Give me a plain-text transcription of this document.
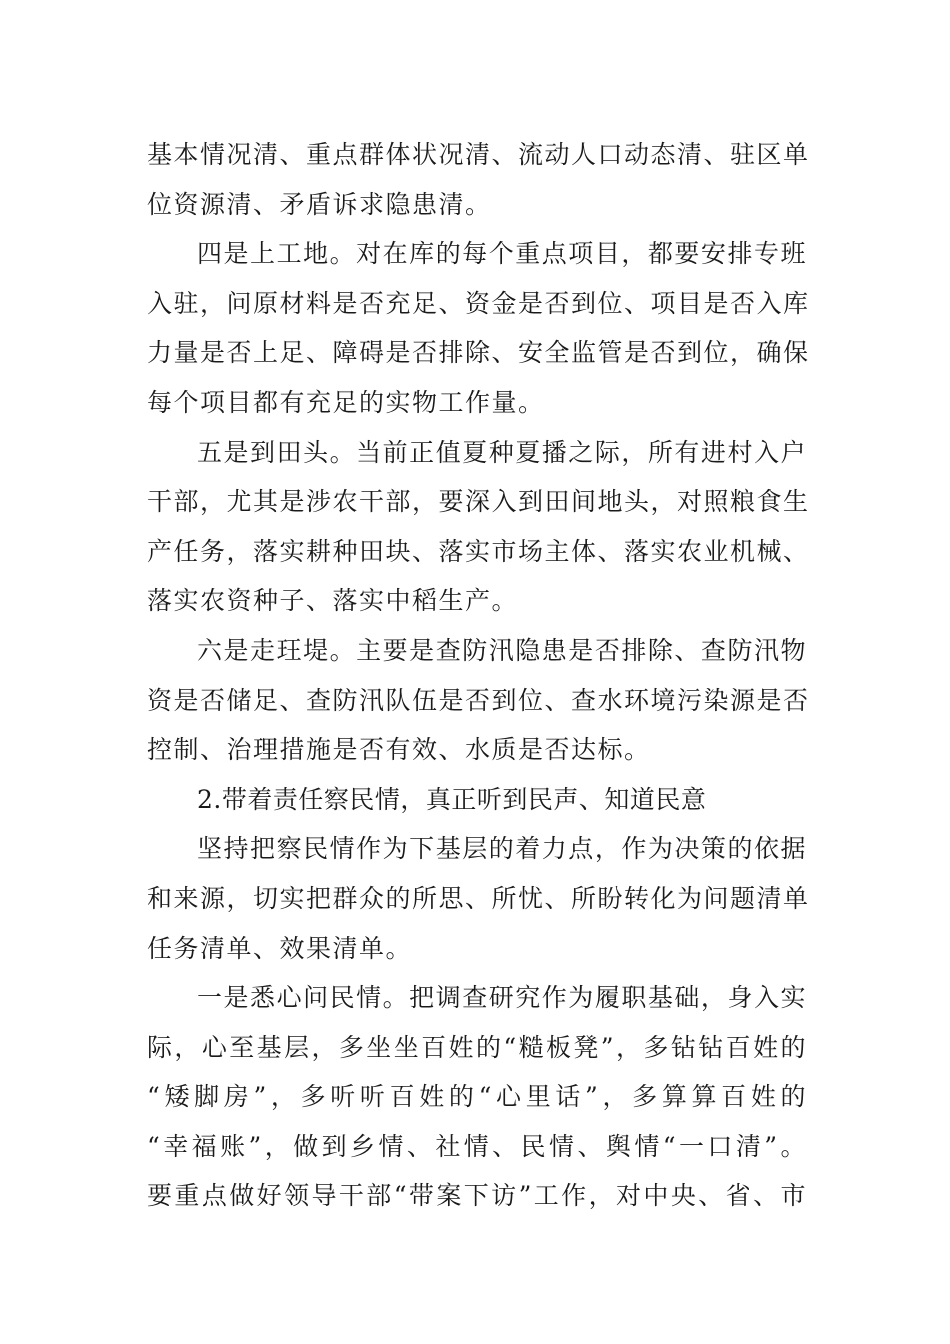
基本情况清、重点群体状况清、流动人口动态清、驻区单
位资源清、矛盾诉求隐患清。
四是上工地。对在库的每个重点项目，都要安排专班
入驻，问原材料是否充足、资金是否到位、项目是否入库
力量是否上足、障碍是否排除、安全监管是否到位，确保
每个项目都有充足的实物工作量。
五是到田头。当前正值夏种夏播之际，所有进村入户
干部，尤其是涉农干部，要深入到田间地头，对照粮食生
产任务，落实耕种田块、落实市场主体、落实农业机械、
落实农资种子、落实中稻生产。
六是走玨堤。主要是查防汛隐患是否排除、查防汛物
资是否储足、查防汛队伍是否到位、查水环境污染源是否
控制、治理措施是否有效、水质是否达标。
2.带着责任察民情，真正听到民声、知道民意
坚持把察民情作为下基层的着力点，作为决策的依据
和来源，切实把群众的所思、所忧、所盼转化为问题清单
任务清单、效果清单。
一是悉心问民情。把调查研究作为履职基础，身入实
际，心至基层，多坐坐百姓的“糙板凳”，多钻钻百姓的
“矮脚房”，多听听百姓的“心里话”，多算算百姓的
“幸福账”，做到乡情、社情、民情、舆情“一口清”。
要重点做好领导干部“带案下访”工作，对中央、省、市
